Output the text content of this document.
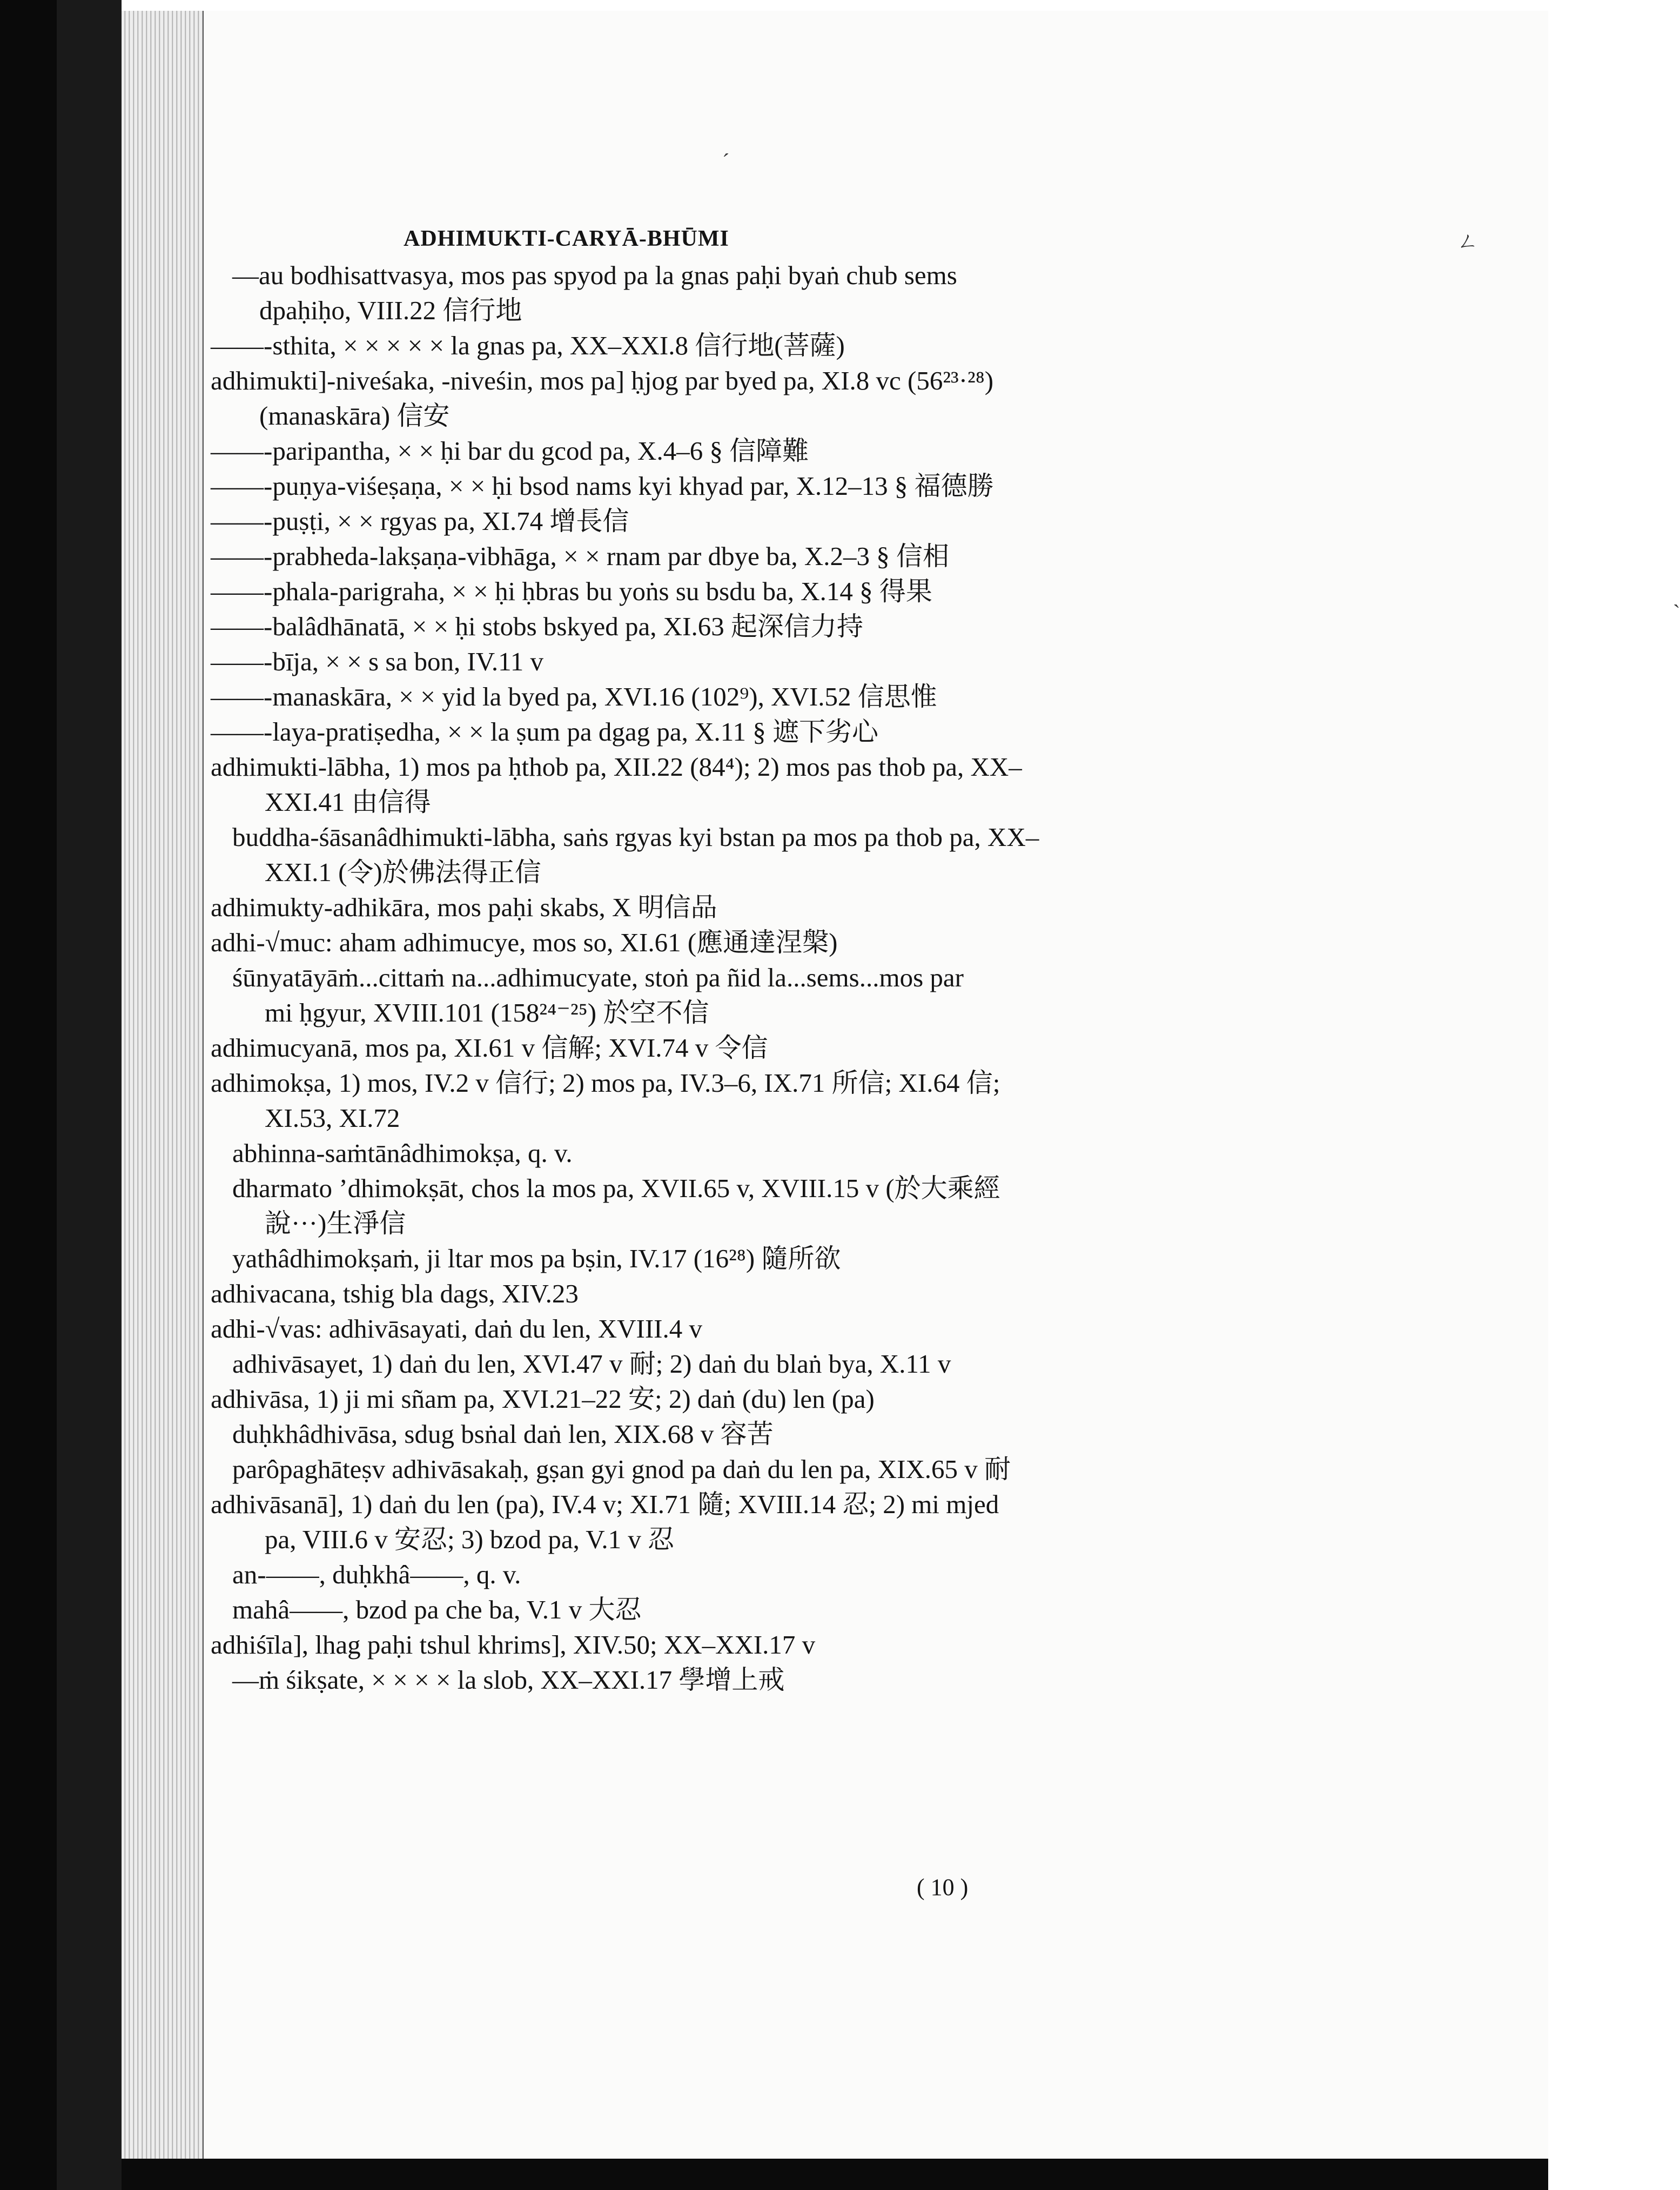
ADHIMUKTI-CARYĀ-BHŪMI
ˊ
ㄥ
ˋ
( 10 )
—au bodhisattvasya, mos pas spyod pa la gnas paḥi byaṅ chub sems
dpaḥiḥo, VIII.22 信行地
——-sthita, × × × × × la gnas pa, XX–XXI.8 信行地(菩薩)
adhimukti]-niveśaka, -niveśin, mos pa] ḥjog par byed pa, XI.8 vc (56²³·²⁸)
(manaskāra) 信安
——-paripantha, × × ḥi bar du gcod pa, X.4–6 § 信障難
——-puṇya-viśeṣaṇa, × × ḥi bsod nams kyi khyad par, X.12–13 § 福德勝
——-puṣṭi, × × rgyas pa, XI.74 增長信
——-prabheda-lakṣaṇa-vibhāga, × × rnam par dbye ba, X.2–3 § 信相
——-phala-parigraha, × × ḥi ḥbras bu yoṅs su bsdu ba, X.14 § 得果
——-balâdhānatā, × × ḥi stobs bskyed pa, XI.63 起深信力持
——-bīja, × × s sa bon, IV.11 v
——-manaskāra, × × yid la byed pa, XVI.16 (102⁹), XVI.52 信思惟
——-laya-pratiṣedha, × × la ṣum pa dgag pa, X.11 § 遮下劣心
adhimukti-lābha, 1) mos pa ḥthob pa, XII.22 (84⁴); 2) mos pas thob pa, XX–
XXI.41 由信得
buddha-śāsanâdhimukti-lābha, saṅs rgyas kyi bstan pa mos pa thob pa, XX–
XXI.1 (令)於佛法得正信
adhimukty-adhikāra, mos paḥi skabs, X 明信品
adhi-√muc: aham adhimucye, mos so, XI.61 (應通達涅槃)
śūnyatāyāṁ...cittaṁ na...adhimucyate, stoṅ pa ñid la...sems...mos par
mi ḥgyur, XVIII.101 (158²⁴⁻²⁵) 於空不信
adhimucyanā, mos pa, XI.61 v 信解; XVI.74 v 令信
adhimokṣa, 1) mos, IV.2 v 信行; 2) mos pa, IV.3–6, IX.71 所信; XI.64 信;
XI.53, XI.72
abhinna-saṁtānâdhimokṣa, q. v.
dharmato ’dhimokṣāt, chos la mos pa, XVII.65 v, XVIII.15 v (於大乘經
說···)生淨信
yathâdhimokṣaṁ, ji ltar mos pa bṣin, IV.17 (16²⁸) 隨所欲
adhivacana, tshig bla dags, XIV.23
adhi-√vas: adhivāsayati, daṅ du len, XVIII.4 v
adhivāsayet, 1) daṅ du len, XVI.47 v 耐; 2) daṅ du blaṅ bya, X.11 v
adhivāsa, 1) ji mi sñam pa, XVI.21–22 安; 2) daṅ (du) len (pa)
duḥkhâdhivāsa, sdug bsṅal daṅ len, XIX.68 v 容苦
parôpaghāteṣv adhivāsakaḥ, gṣan gyi gnod pa daṅ du len pa, XIX.65 v 耐
adhivāsanā], 1) daṅ du len (pa), IV.4 v; XI.71 隨; XVIII.14 忍; 2) mi mjed
pa, VIII.6 v 安忍; 3) bzod pa, V.1 v 忍
an-——, duḥkhâ——, q. v.
mahâ——, bzod pa che ba, V.1 v 大忍
adhiśīla], lhag paḥi tshul khrims], XIV.50; XX–XXI.17 v
—ṁ śikṣate, × × × × la slob, XX–XXI.17 學增上戒
